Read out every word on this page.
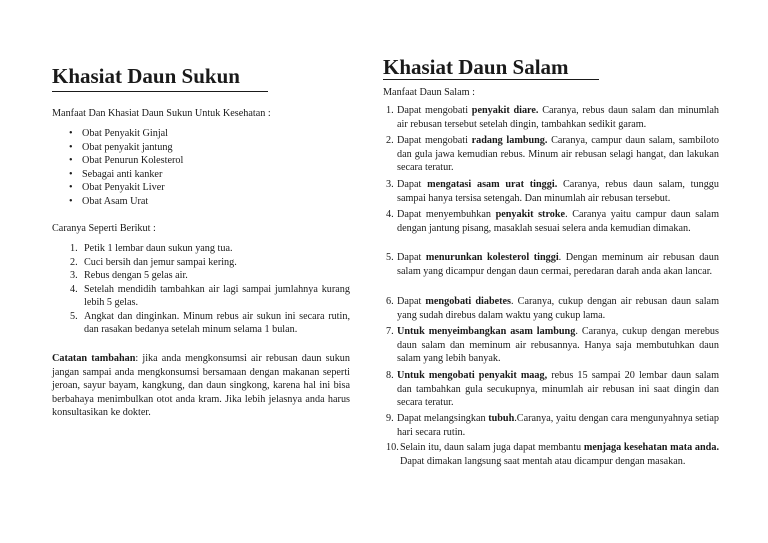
Khasiat Daun Sukun
Manfaat Dan Khasiat Daun Sukun Untuk Kesehatan :
• Obat Penyakit Ginjal
• Obat penyakit jantung
• Obat Penurun Kolesterol
• Sebagai anti kanker
• Obat Penyakit Liver
• Obat Asam Urat
Caranya Seperti Berikut :
1. Petik 1 lembar daun sukun yang tua.
2. Cuci bersih dan jemur sampai kering.
3. Rebus dengan 5 gelas air.
4. Setelah mendidih tambahkan air lagi sampai jumlahnya kurang lebih 5 gelas.
5. Angkat dan dinginkan. Minum rebus air sukun ini secara rutin, dan rasakan bedanya setelah minum selama 1 bulan.
Catatan tambahan: jika anda mengkonsumsi air rebusan daun sukun jangan sampai anda mengkonsumsi bersamaan dengan makanan seperti jeroan, sayur bayam, kangkung, dan daun singkong, karena hal ini bisa berbahaya menimbulkan otot anda kram. Jika lebih jelasnya anda harus konsultasikan ke dokter.
Khasiat Daun Salam
Manfaat Daun Salam :
1. Dapat mengobati penyakit diare. Caranya, rebus daun salam dan minumlah air rebusan tersebut setelah dingin, tambahkan sedikit garam.
2. Dapat mengobati radang lambung. Caranya, campur daun salam, sambiloto dan gula jawa kemudian rebus. Minum air rebusan selagi hangat, dan lakukan secara teratur.
3. Dapat mengatasi asam urat tinggi. Caranya, rebus daun salam, tunggu sampai hanya tersisa setengah. Dan minumlah air rebusan tersebut.
4. Dapat menyembuhkan penyakit stroke. Caranya yaitu campur daun salam dengan jantung pisang, masaklah sesuai selera anda kemudian dimakan.
5. Dapat menurunkan kolesterol tinggi. Dengan meminum air rebusan daun salam yang dicampur dengan daun cermai, peredaran darah anda akan lancar.
6. Dapat mengobati diabetes. Caranya, cukup dengan air rebusan daun salam yang sudah direbus dalam waktu yang cukup lama.
7. Untuk menyeimbangkan asam lambung. Caranya, cukup dengan merebus daun salam dan meminum air rebusannya. Hanya saja membutuhkan daun salam yang lebih banyak.
8. Untuk mengobati penyakit maag, rebus 15 sampai 20 lembar daun salam dan tambahkan gula secukupnya, minumlah air rebusan ini saat dingin dan secara teratur.
9. Dapat melangsingkan tubuh.Caranya, yaitu dengan cara mengunyahnya setiap hari secara rutin.
10. Selain itu, daun salam juga dapat membantu menjaga kesehatan mata anda. Dapat dimakan langsung saat mentah atau dicampur dengan masakan.
